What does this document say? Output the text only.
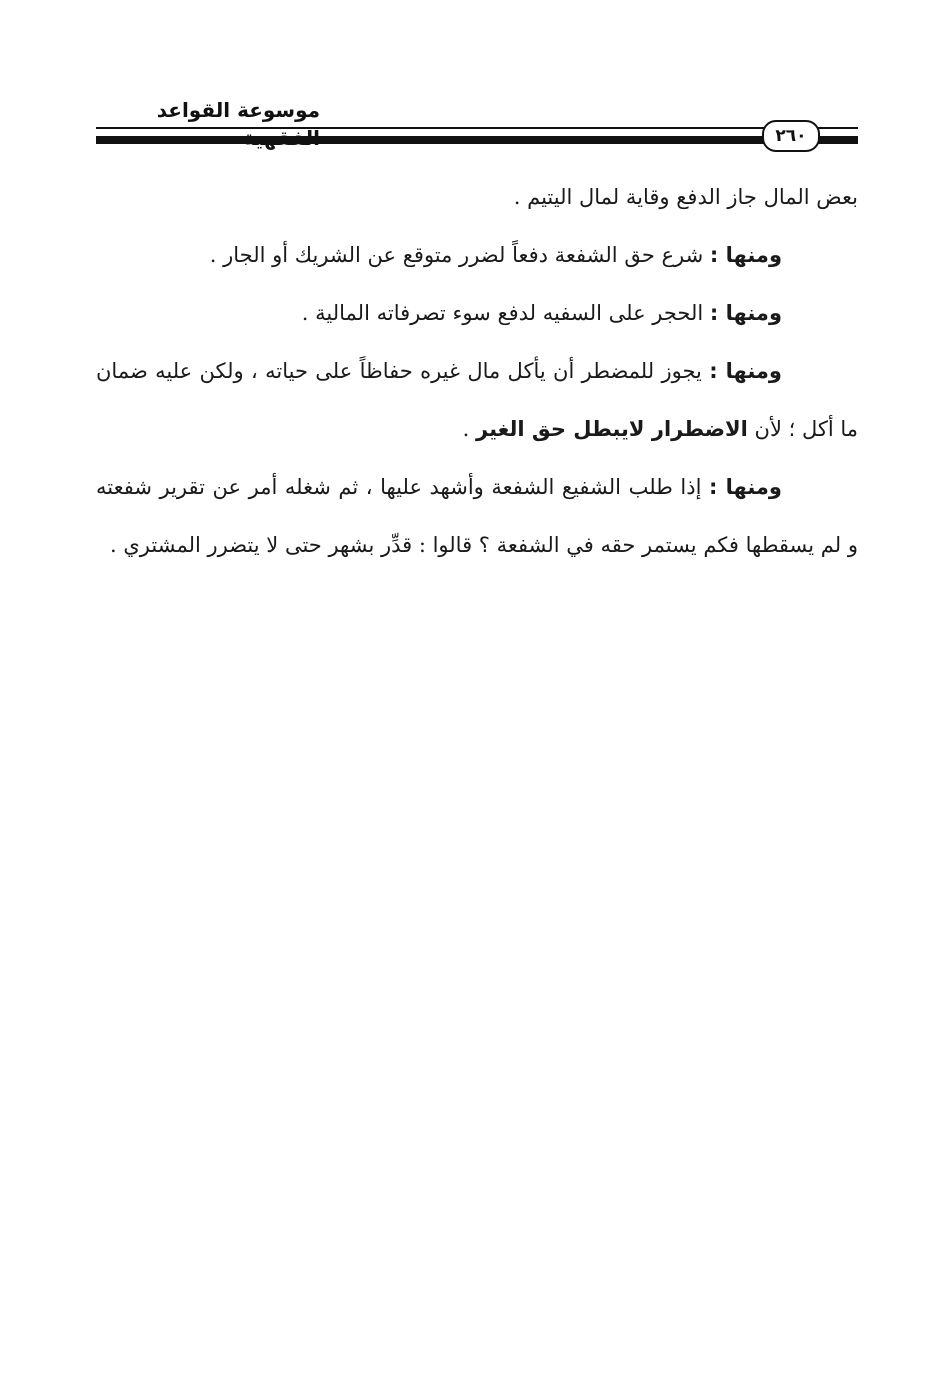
موسوعة القواعد
٢٦٠

بعض المال جاز الدفع وقاية لمال اليتيم .

ومنها : شرع حق الشفعة دفعاً لضرر متوقع عن الشريك أو الجار .

ومنها : الحجر على السفيه لدفع سوء تصرفاته المالية .

ومنها : يجوز للمضطر أن يأكل مال غيره حفاظاً على حياته ، ولكن عليه ضمان ما أكل ؛ لأن الاضطرار لايبطل حق الغير .

ومنها : إذا طلب الشفيع الشفعة وأشهد عليها ، ثم شغله أمر عن تقرير شفعته و لم يسقطها فكم يستمر حقه في الشفعة ؟ قالوا : قدِّر بشهر حتى لا يتضرر المشتري .
